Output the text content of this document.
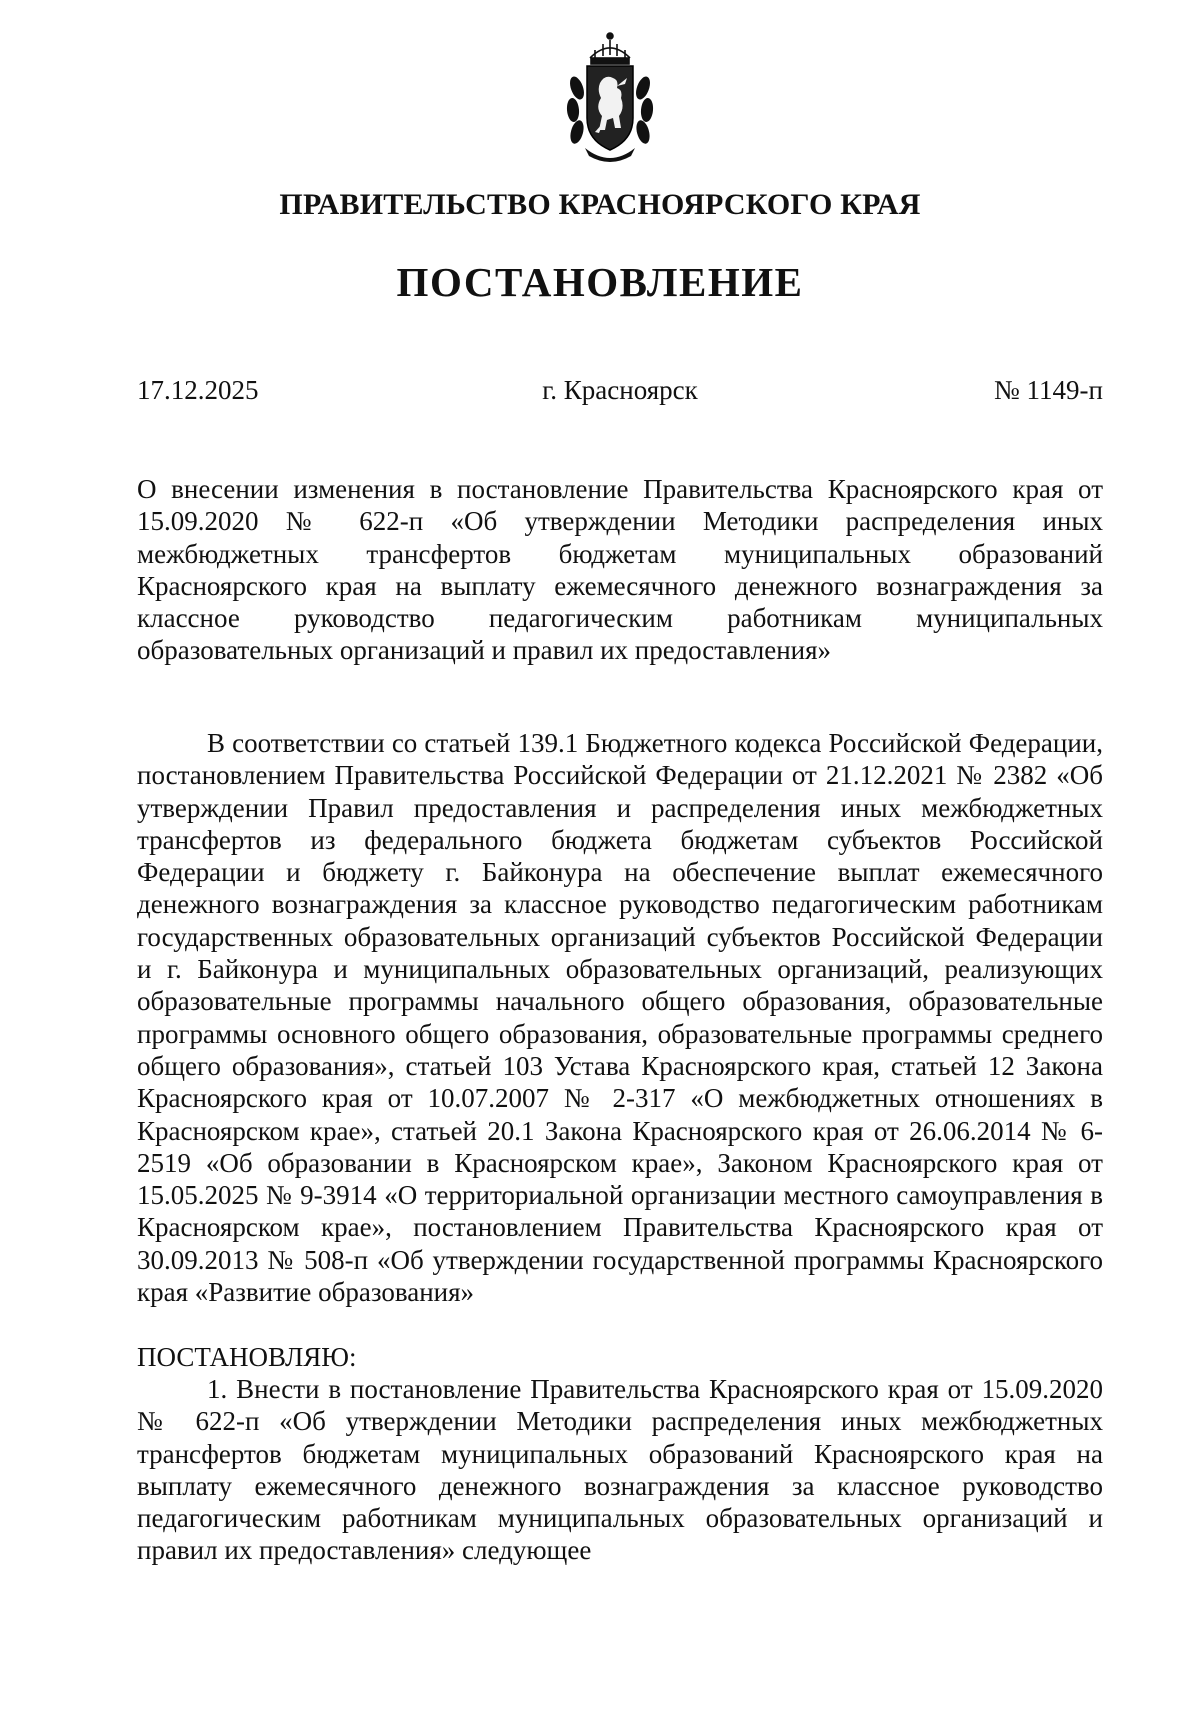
ПРАВИТЕЛЬСТВО КРАСНОЯРСКОГО КРАЯ
ПОСТАНОВЛЕНИЕ
17.12.2025	г. Красноярск	№ 1149-п
О внесении изменения в постановление Правительства Красноярского края от 15.09.2020 № 622-п «Об утверждении Методики распределения иных межбюджетных трансфертов бюджетам муниципальных образований Красноярского края на выплату ежемесячного денежного вознаграждения за классное руководство педагогическим работникам муниципальных образовательных организаций и правил их предоставления»
В соответствии со статьей 139.1 Бюджетного кодекса Российской Федерации, постановлением Правительства Российской Федерации от 21.12.2021 № 2382 «Об утверждении Правил предоставления и распределения иных межбюджетных трансфертов из федерального бюджета бюджетам субъектов Российской Федерации и бюджету г. Байконура на обеспечение выплат ежемесячного денежного вознаграждения за классное руководство педагогическим работникам государственных образовательных организаций субъектов Российской Федерации и г. Байконура и муниципальных образовательных организаций, реализующих образовательные программы начального общего образования, образовательные программы основного общего образования, образовательные программы среднего общего образования», статьей 103 Устава Красноярского края, статьей 12 Закона Красноярского края от 10.07.2007 № 2-317 «О межбюджетных отношениях в Красноярском крае», статьей 20.1 Закона Красноярского края от 26.06.2014 № 6-2519 «Об образовании в Красноярском крае», Законом Красноярского края от 15.05.2025 № 9-3914 «О территориальной организации местного самоуправления в Красноярском крае», постановлением Правительства Красноярского края от 30.09.2013 № 508-п «Об утверждении государственной программы Красноярского края «Развитие образования»
ПОСТАНОВЛЯЮ:
1. Внести в постановление Правительства Красноярского края от 15.09.2020 № 622-п «Об утверждении Методики распределения иных межбюджетных трансфертов бюджетам муниципальных образований Красноярского края на выплату ежемесячного денежного вознаграждения за классное руководство педагогическим работникам муниципальных образовательных организаций и правил их предоставления» следующее
